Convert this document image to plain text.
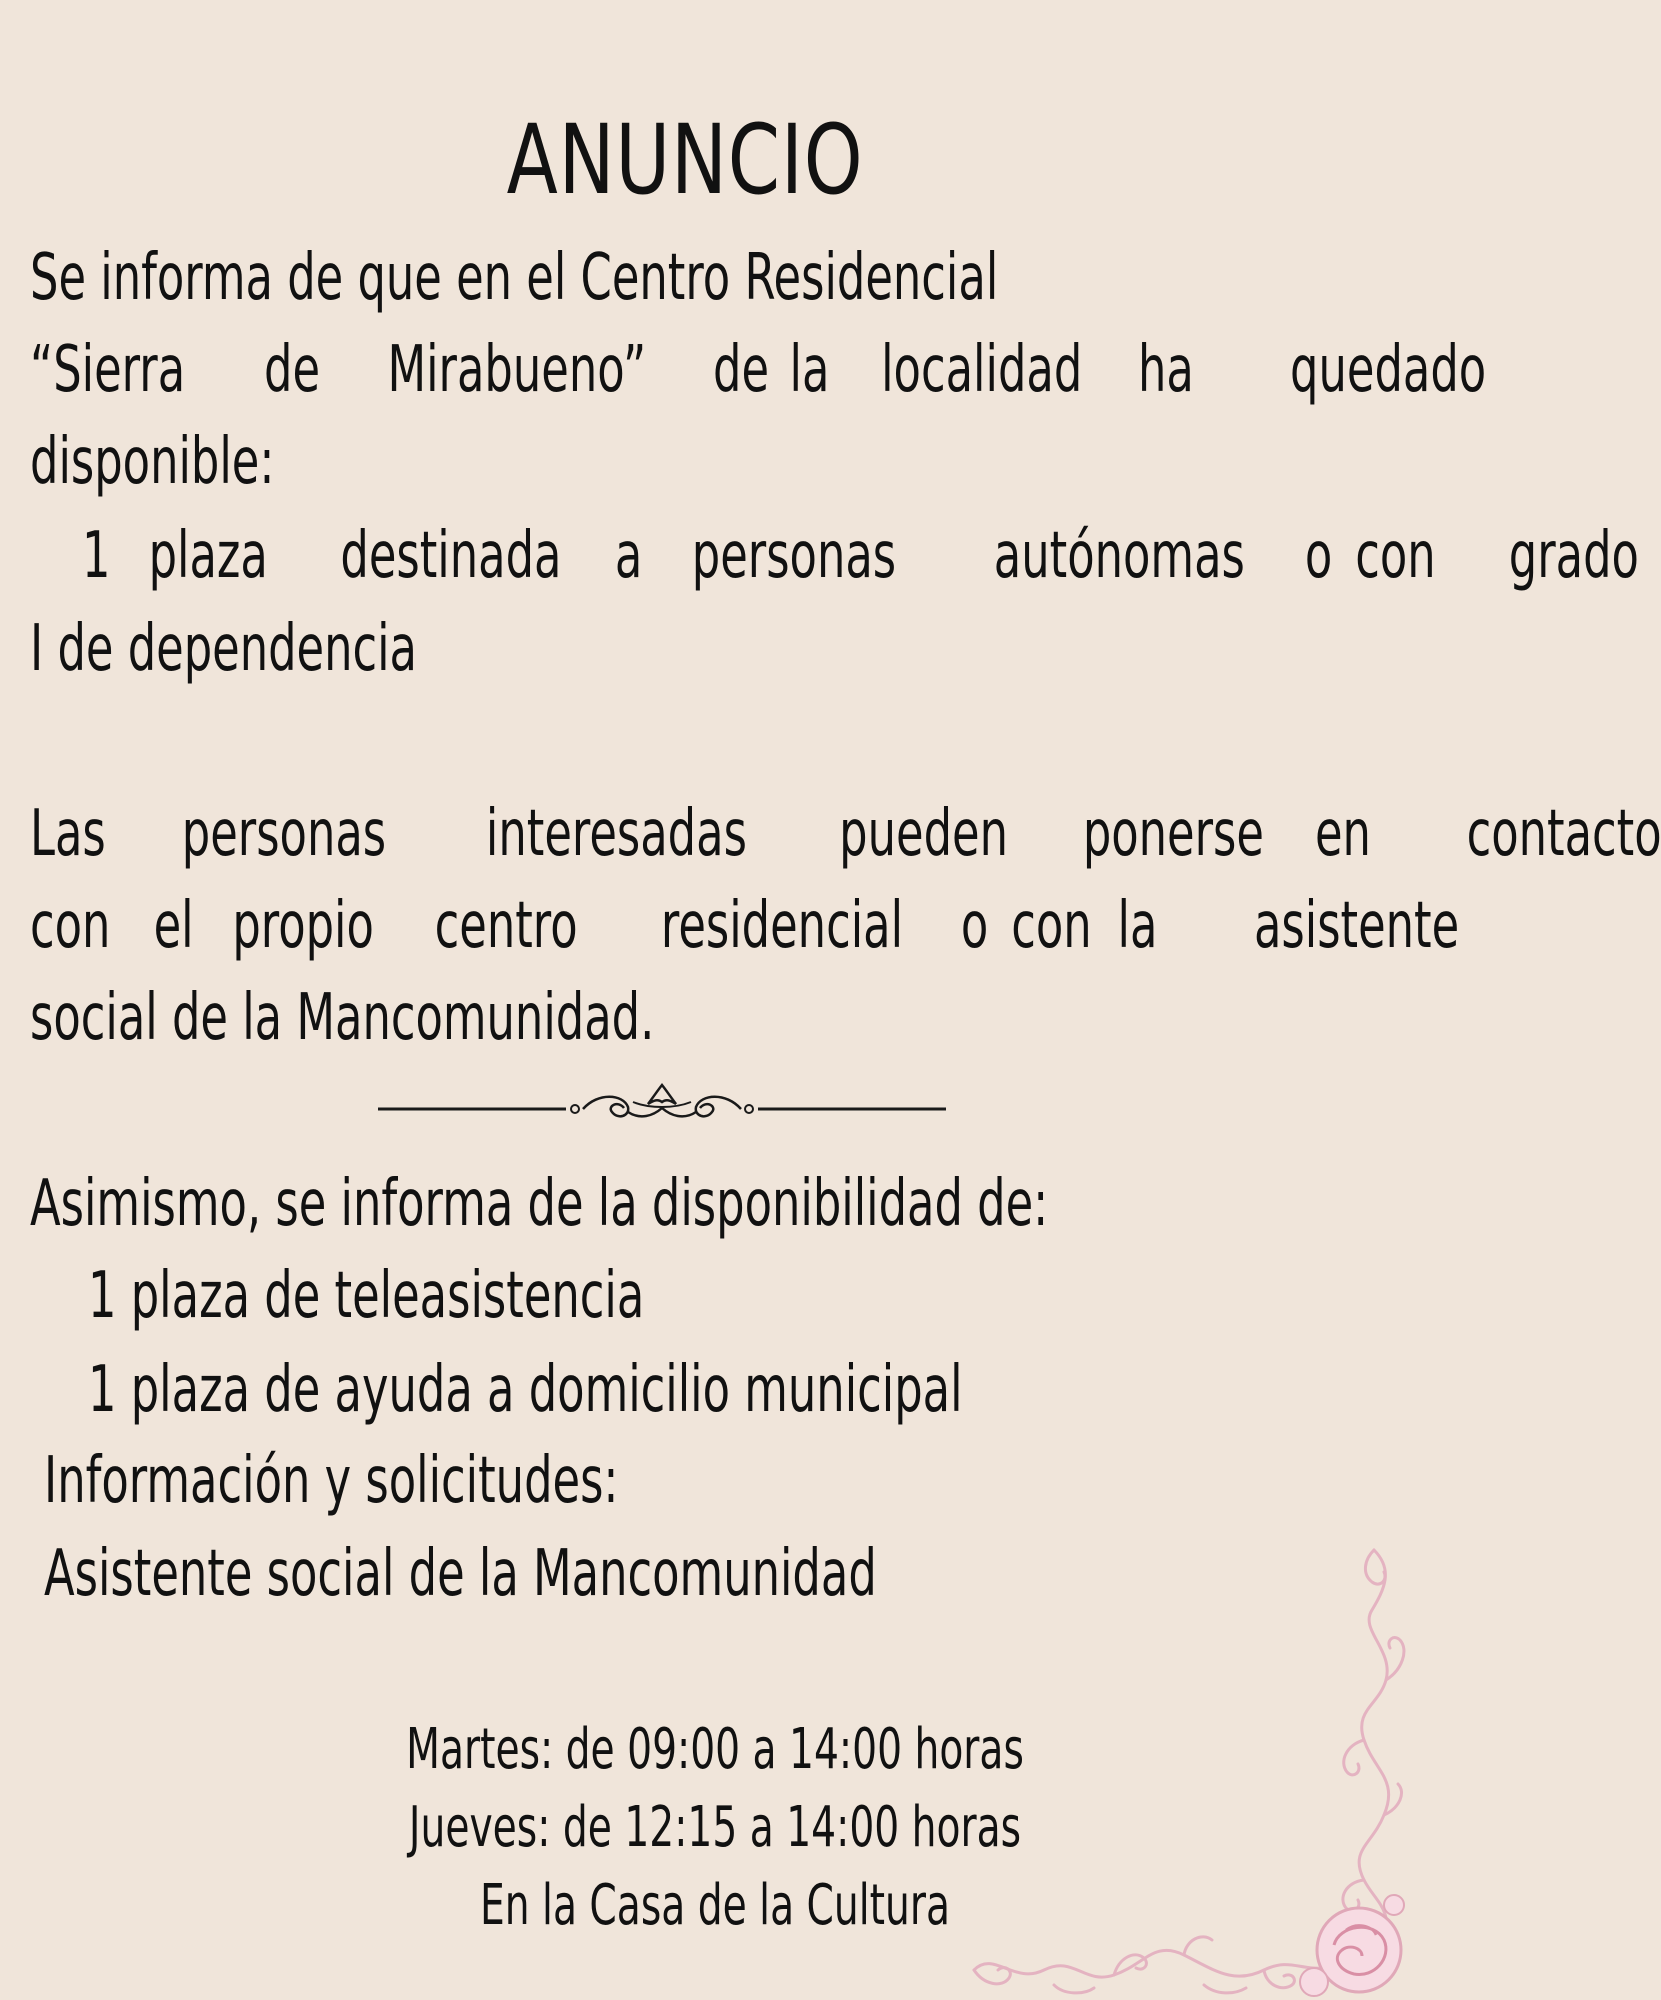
ANUNCIO
Se informa de que en el Centro Residencial
“Sierra de Mirabueno” de la localidad ha quedado
disponible:
1 plaza destinada a personas autónomas o con grado
I de dependencia
Las personas interesadas pueden ponerse en contacto
con el propio centro residencial o con la asistente
social de la Mancomunidad.
Asimismo, se informa de la disponibilidad de:
1 plaza de teleasistencia
1 plaza de ayuda a domicilio municipal
Información y solicitudes:
Asistente social de la Mancomunidad
Martes: de 09:00 a 14:00 horas
Jueves: de 12:15 a 14:00 horas
En la Casa de la Cultura
